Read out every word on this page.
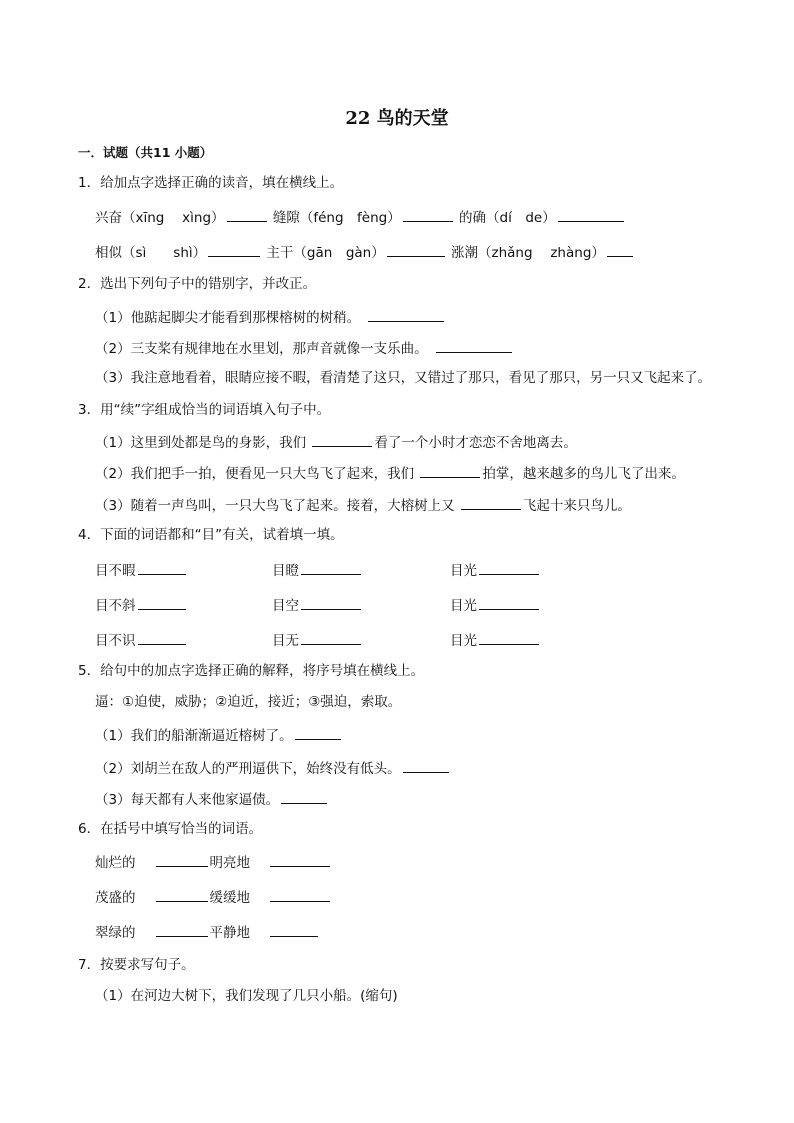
22 鸟的天堂
一．试题（共11 小题）
1．给加点字选择正确的读音，填在横线上。
兴奋（xīng　 xìng）	缝隙（féng　fèng）	的确（dí　de）
相似（sì　　shì）	主干（gān　gàn）	涨潮（zhǎng　 zhàng）
2．选出下列句子中的错别字，并改正。
（1）他踮起脚尖才能看到那棵榕树的树稍。
（2）三支桨有规律地在水里划，那声音就像一支乐曲。
（3）我注意地看着，眼睛应接不暇，看清楚了这只，又错过了那只，看见了那只，另一只又飞起来了。
3．用“续”字组成恰当的词语填入句子中。
（1）这里到处都是鸟的身影，我们	看了一个小时才恋恋不舍地离去。
（2）我们把手一拍，便看见一只大鸟飞了起来，我们	拍掌，越来越多的鸟儿飞了出来。
（3）随着一声鸟叫，一只大鸟飞了起来。接着，大榕树上又	飞起十来只鸟儿。
4．下面的词语都和“目”有关，试着填一填。
目不暇	目瞪	目光
目不斜	目空	目光
目不识	目无	目光
5．给句中的加点字选择正确的解释，将序号填在横线上。
逼：①迫使，威胁；②迫近，接近；③强迫，索取。
（1）我们的船渐渐逼近榕树了。
（2）刘胡兰在敌人的严刑逼供下，始终没有低头。
（3）每天都有人来他家逼债。
6．在括号中填写恰当的词语。
灿烂的	明亮地
茂盛的	缓缓地
翠绿的	平静地
7．按要求写句子。
（1）在河边大树下，我们发现了几只小船。(缩句)
